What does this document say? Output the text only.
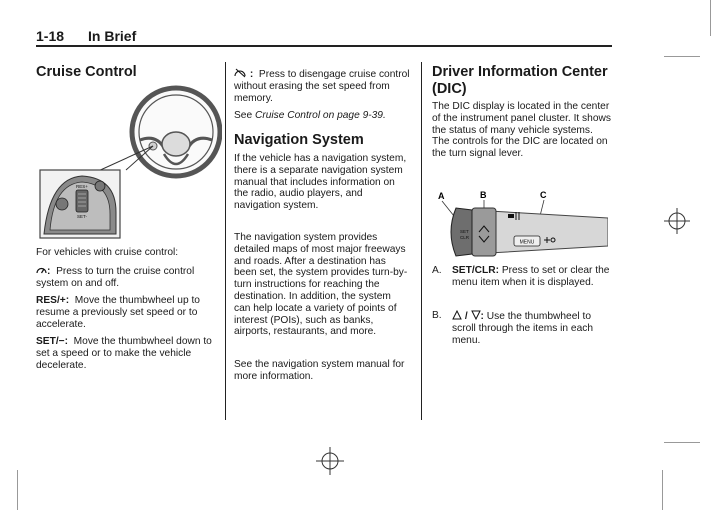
1-18 In Brief
Cruise Control
RES+
SET-
For vehicles with cruise control:
: Press to turn the cruise control system on and off.
RES/+: Move the thumbwheel up to resume a previously set speed or to accelerate.
SET/−: Move the thumbwheel down to set a speed or to make the vehicle decelerate.
: Press to disengage cruise control without erasing the set speed from memory.
See Cruise Control on page 9-39.
Navigation System
If the vehicle has a navigation system, there is a separate navigation system manual that includes information on the radio, audio players, and navigation system.
The navigation system provides detailed maps of most major freeways and roads. After a destination has been set, the system provides turn-by-turn instructions for reaching the destination. In addition, the system can help locate a variety of points of interest (POIs), such as banks, airports, restaurants, and more.
See the navigation system manual for more information.
Driver Information Center (DIC)
The DIC display is located in the center of the instrument panel cluster. It shows the status of many vehicle systems. The controls for the DIC are located on the turn signal lever.
A	B	C
SET
CLR
MENU
A.	SET/CLR: Press to set or clear the menu item when it is displayed.
B.	/ : Use the thumbwheel to scroll through the items in each menu.
